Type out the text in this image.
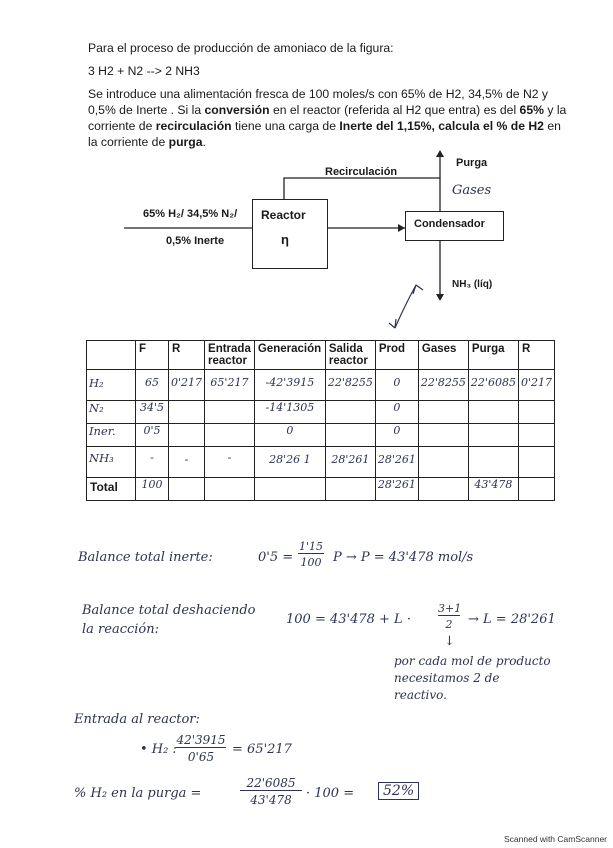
Para el proceso de producción de amoniaco de la figura:
3 H2 + N2 --> 2 NH3
Se introduce una alimentación fresca de 100 moles/s con 65% de H2, 34,5% de N2 y
0,5% de Inerte . Si la conversión en el reactor (referida al H2 que entra) es del 65% y la
corriente de recirculación tiene una carga de Inerte del 1,15%, calcula el % de H2 en
la corriente de purga.
Reactor
η
Condensador
Recirculación
Purga
Gases
65% H₂/ 34,5% N₂/
0,5% Inerte
NH₃ (líq)
	F	R	Entrada reactor	Generación	Salida reactor	Prod	Gases	Purga	R
H₂	65	0'217	65'217	-42'3915	22'8255	0	22'8255	22'6085	0'217
N₂	34'5			-14'1305		0			
Iner.	0'5			0		0			
NH₃	-	-	-	28'26 1	28'261	28'261			
Total	100					28'261		43'478	
Balance total inerte:	0'5 =
1'15
100 P → P = 43'478 mol/s
Balance total deshaciendo
la reacción:
100 = 43'478 + L ·
3+1
2	→ L = 28'261
↓
por cada mol de producto
necesitamos 2 de
reactivo.
Entrada al reactor:
• H₂ :
42'3915
0'65	= 65'217
% H₂ en la purga =
22'6085
43'478	· 100 =	52%
Scanned with CamScanner
